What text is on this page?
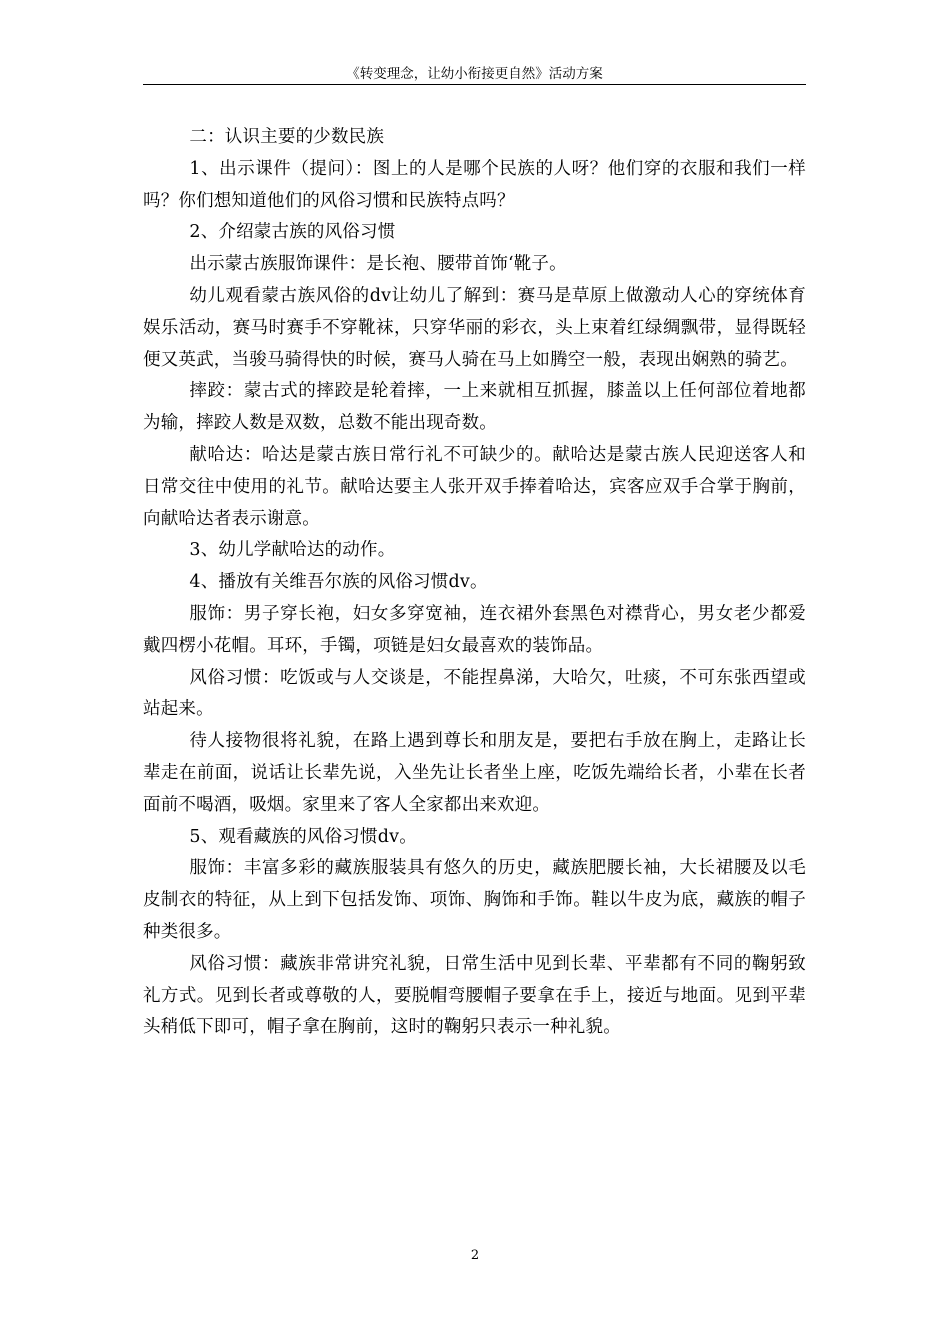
《转变理念，让幼小衔接更自然》活动方案

二：认识主要的少数民族

1、出示课件（提问）：图上的人是哪个民族的人呀？他们穿的衣服和我们一样吗？你们想知道他们的风俗习惯和民族特点吗？

2、介绍蒙古族的风俗习惯

出示蒙古族服饰课件：是长袍、腰带首饰‘靴子。

幼儿观看蒙古族风俗的dv让幼儿了解到：赛马是草原上做激动人心的穿统体育娱乐活动，赛马时赛手不穿靴袜，只穿华丽的彩衣，头上束着红绿绸飘带，显得既轻便又英武，当骏马骑得快的时候，赛马人骑在马上如腾空一般，表现出娴熟的骑艺。

摔跤：蒙古式的摔跤是轮着摔，一上来就相互抓握，膝盖以上任何部位着地都为输，摔跤人数是双数，总数不能出现奇数。

献哈达：哈达是蒙古族日常行礼不可缺少的。献哈达是蒙古族人民迎送客人和日常交往中使用的礼节。献哈达要主人张开双手捧着哈达，宾客应双手合掌于胸前，向献哈达者表示谢意。

3、幼儿学献哈达的动作。

4、播放有关维吾尔族的风俗习惯dv。

服饰：男子穿长袍，妇女多穿宽袖，连衣裙外套黑色对襟背心，男女老少都爱戴四楞小花帽。耳环，手镯，项链是妇女最喜欢的装饰品。

风俗习惯：吃饭或与人交谈是，不能捏鼻涕，大哈欠，吐痰，不可东张西望或站起来。

待人接物很将礼貌，在路上遇到尊长和朋友是，要把右手放在胸上，走路让长辈走在前面，说话让长辈先说，入坐先让长者坐上座，吃饭先端给长者，小辈在长者面前不喝酒，吸烟。家里来了客人全家都出来欢迎。

5、观看藏族的风俗习惯dv。

服饰：丰富多彩的藏族服装具有悠久的历史，藏族肥腰长袖，大长裙腰及以毛皮制衣的特征，从上到下包括发饰、项饰、胸饰和手饰。鞋以牛皮为底，藏族的帽子种类很多。

风俗习惯：藏族非常讲究礼貌，日常生活中见到长辈、平辈都有不同的鞠躬致礼方式。见到长者或尊敬的人，要脱帽弯腰帽子要拿在手上，接近与地面。见到平辈头稍低下即可，帽子拿在胸前，这时的鞠躬只表示一种礼貌。

2
